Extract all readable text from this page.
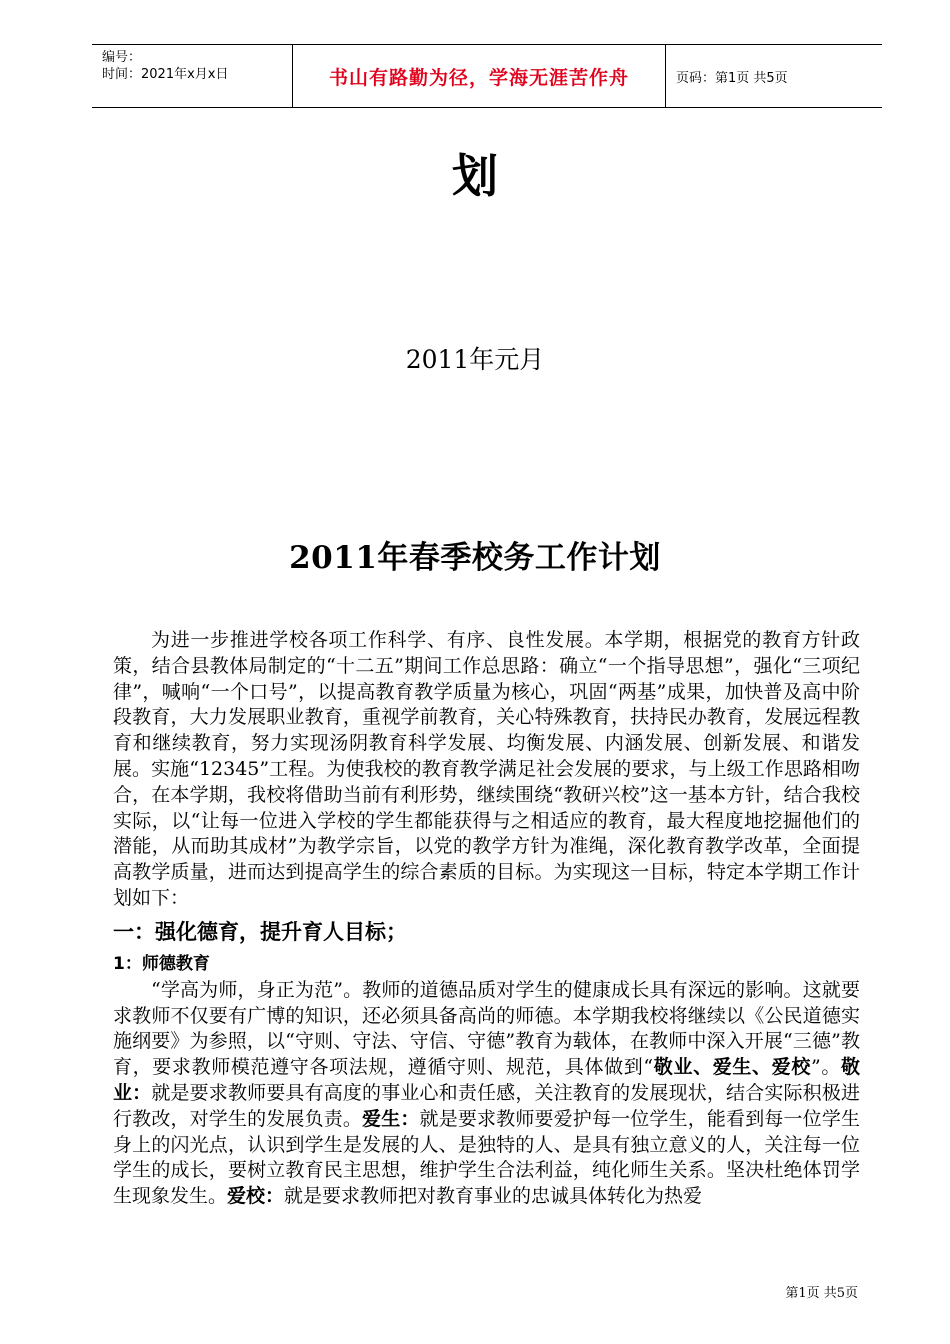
编号：
时间：2021年x月x日	书山有路勤为径，学海无涯苦作舟	页码：第1页 共5页
划
2011年元月
2011年春季校务工作计划

为进一步推进学校各项工作科学、有序、良性发展。本学期，根据党的教育方针政策，结合县教体局制定的“十二五”期间工作总思路：确立“一个指导思想”，强化“三项纪律”，喊响“一个口号”，以提高教育教学质量为核心，巩固“两基”成果，加快普及高中阶段教育，大力发展职业教育，重视学前教育，关心特殊教育，扶持民办教育，发展远程教育和继续教育，努力实现汤阴教育科学发展、均衡发展、内涵发展、创新发展、和谐发展。实施“12345”工程。为使我校的教育教学满足社会发展的要求，与上级工作思路相吻合，在本学期，我校将借助当前有利形势，继续围绕“教研兴校”这一基本方针，结合我校实际，以“让每一位进入学校的学生都能获得与之相适应的教育，最大程度地挖掘他们的潜能，从而助其成材”为教学宗旨，以党的教学方针为准绳，深化教育教学改革，全面提高教学质量，进而达到提高学生的综合素质的目标。为实现这一目标，特定本学期工作计划如下：

一：强化德育，提升育人目标；

1：师德教育

“学高为师，身正为范”。教师的道德品质对学生的健康成长具有深远的影响。这就要求教师不仅要有广博的知识，还必须具备高尚的师德。本学期我校将继续以《公民道德实施纲要》为参照，以“守则、守法、守信、守德”教育为载体，在教师中深入开展“三德”教育，要求教师模范遵守各项法规，遵循守则、规范，具体做到“敬业、爱生、爱校”。敬业：就是要求教师要具有高度的事业心和责任感，关注教育的发展现状，结合实际积极进行教改，对学生的发展负责。爱生：就是要求教师要爱护每一位学生，能看到每一位学生身上的闪光点，认识到学生是发展的人、是独特的人、是具有独立意义的人，关注每一位学生的成长，要树立教育民主思想，维护学生合法利益，纯化师生关系。坚决杜绝体罚学生现象发生。爱校：就是要求教师把对教育事业的忠诚具体转化为热爱

第1页 共5页
